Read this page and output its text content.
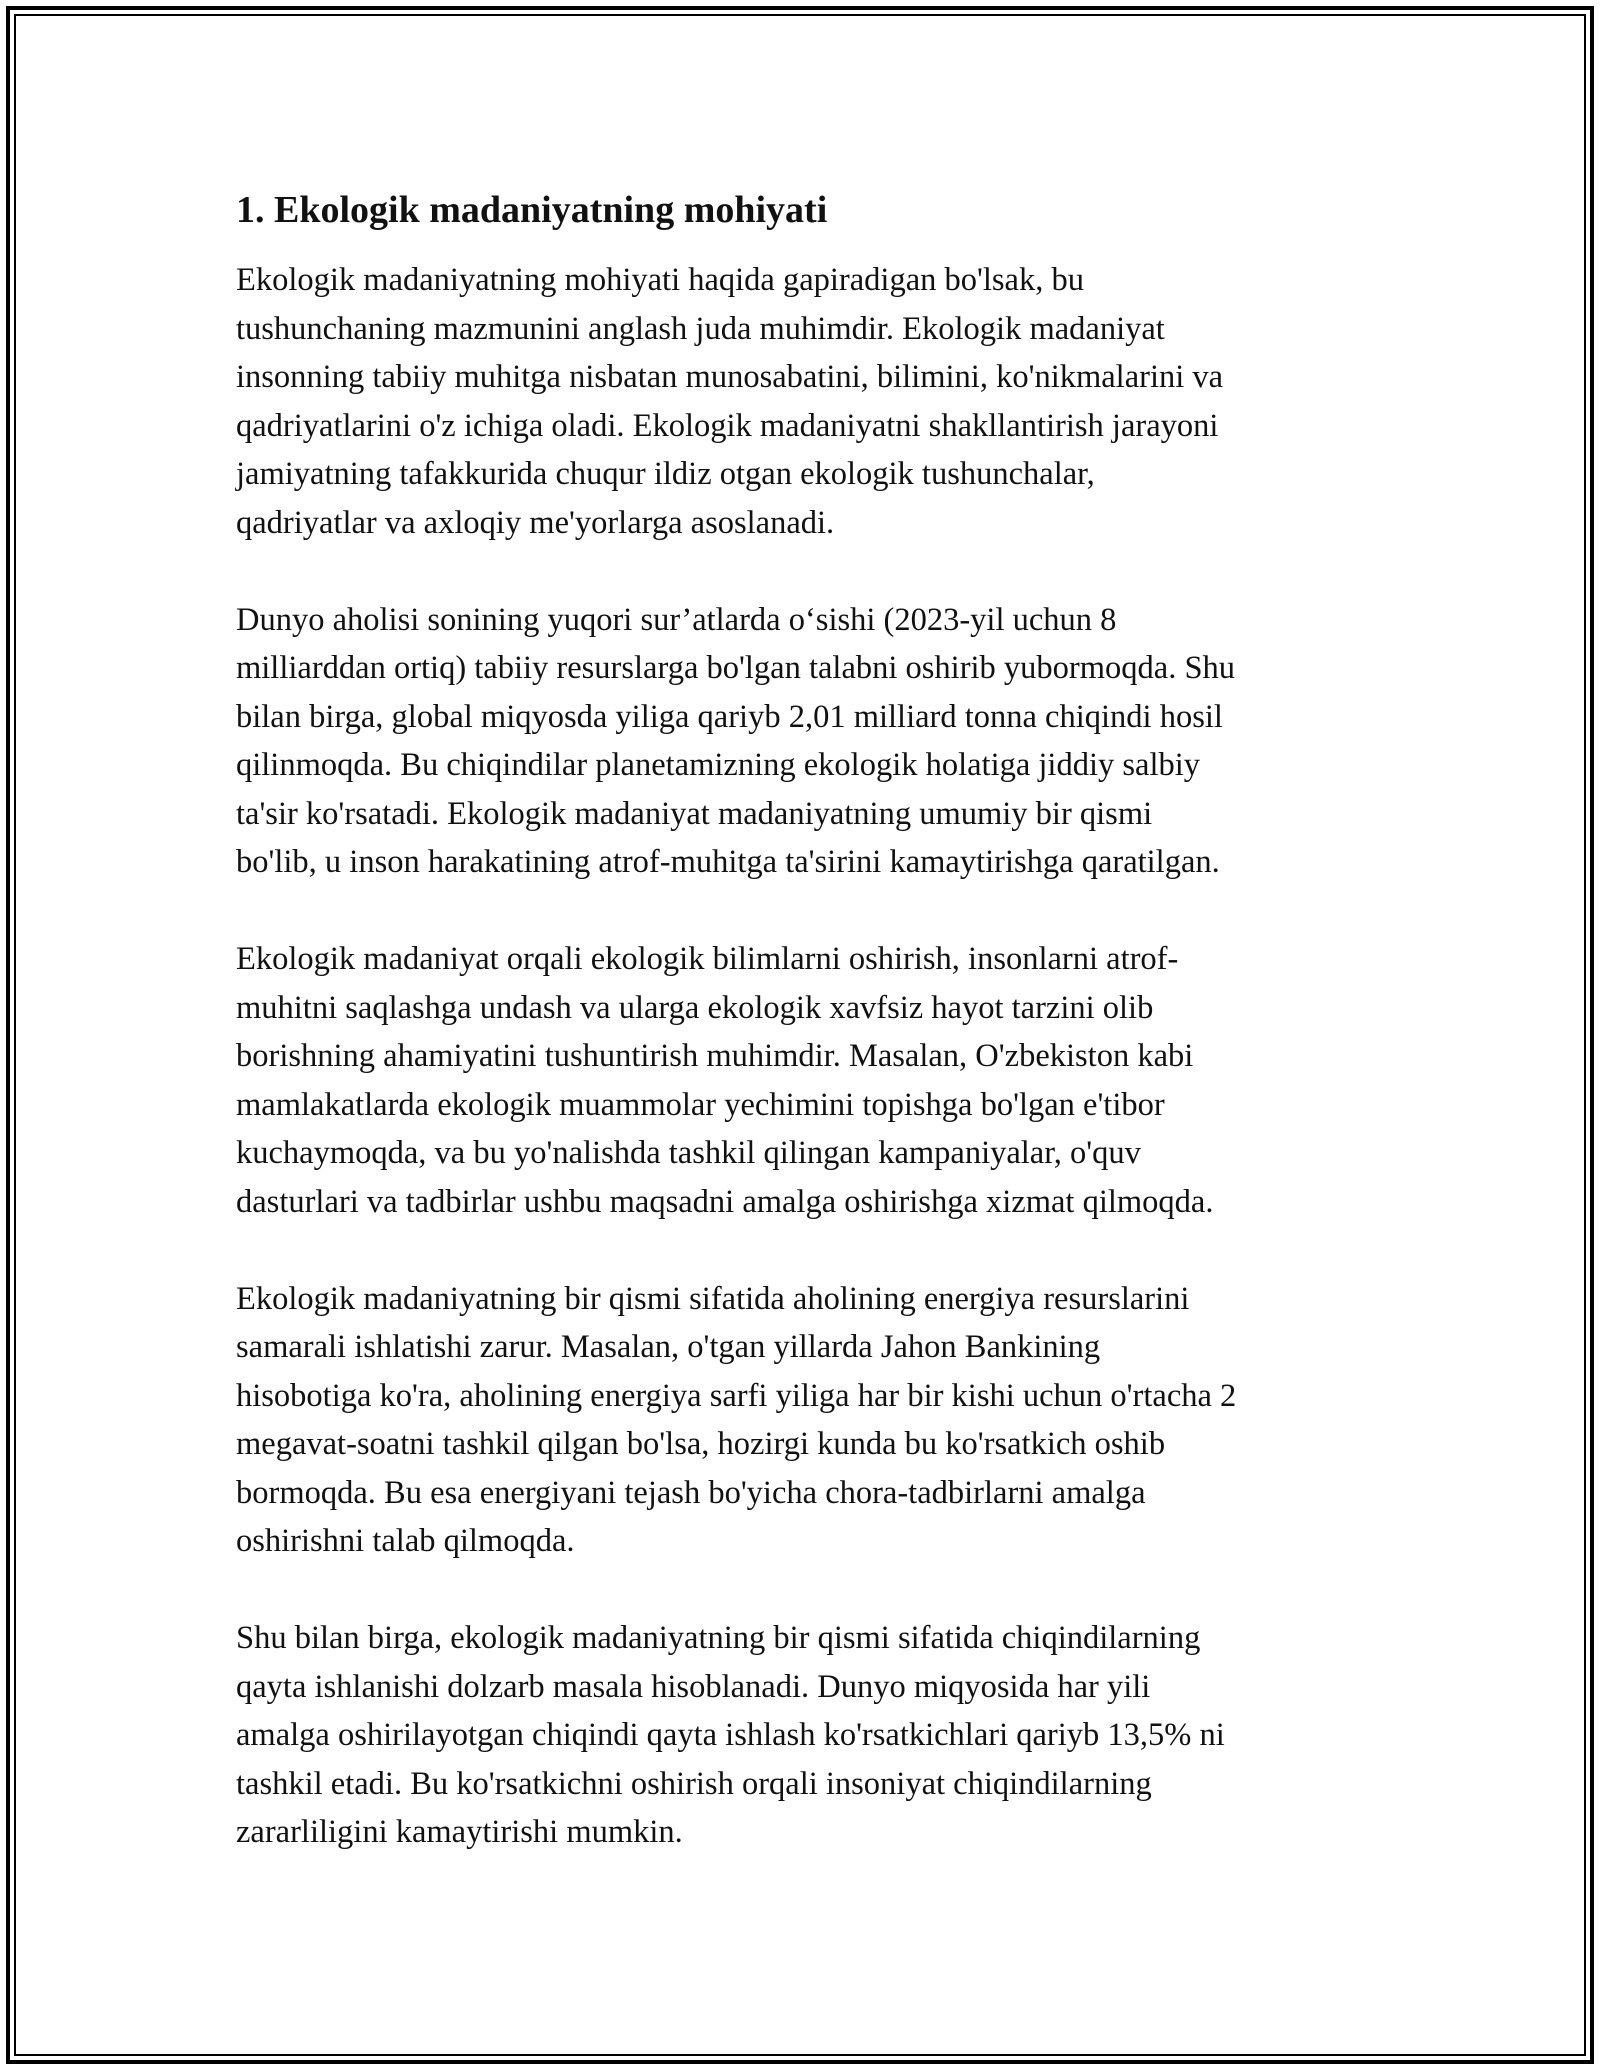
1. Ekologik madaniyatning mohiyati

Ekologik madaniyatning mohiyati haqida gapiradigan bo'lsak, bu
tushunchaning mazmunini anglash juda muhimdir. Ekologik madaniyat
insonning tabiiy muhitga nisbatan munosabatini, bilimini, ko'nikmalarini va
qadriyatlarini o'z ichiga oladi. Ekologik madaniyatni shakllantirish jarayoni
jamiyatning tafakkurida chuqur ildiz otgan ekologik tushunchalar,
qadriyatlar va axloqiy me'yorlarga asoslanadi.

Dunyo aholisi sonining yuqori sur’atlarda o‘sishi (2023-yil uchun 8
milliarddan ortiq) tabiiy resurslarga bo'lgan talabni oshirib yubormoqda. Shu
bilan birga, global miqyosda yiliga qariyb 2,01 milliard tonna chiqindi hosil
qilinmoqda. Bu chiqindilar planetamizning ekologik holatiga jiddiy salbiy
ta'sir ko'rsatadi. Ekologik madaniyat madaniyatning umumiy bir qismi
bo'lib, u inson harakatining atrof-muhitga ta'sirini kamaytirishga qaratilgan.

Ekologik madaniyat orqali ekologik bilimlarni oshirish, insonlarni atrof-
muhitni saqlashga undash va ularga ekologik xavfsiz hayot tarzini olib
borishning ahamiyatini tushuntirish muhimdir. Masalan, O'zbekiston kabi
mamlakatlarda ekologik muammolar yechimini topishga bo'lgan e'tibor
kuchaymoqda, va bu yo'nalishda tashkil qilingan kampaniyalar, o'quv
dasturlari va tadbirlar ushbu maqsadni amalga oshirishga xizmat qilmoqda.

Ekologik madaniyatning bir qismi sifatida aholining energiya resurslarini
samarali ishlatishi zarur. Masalan, o'tgan yillarda Jahon Bankining
hisobotiga ko'ra, aholining energiya sarfi yiliga har bir kishi uchun o'rtacha 2
megavat-soatni tashkil qilgan bo'lsa, hozirgi kunda bu ko'rsatkich oshib
bormoqda. Bu esa energiyani tejash bo'yicha chora-tadbirlarni amalga
oshirishni talab qilmoqda.

Shu bilan birga, ekologik madaniyatning bir qismi sifatida chiqindilarning
qayta ishlanishi dolzarb masala hisoblanadi. Dunyo miqyosida har yili
amalga oshirilayotgan chiqindi qayta ishlash ko'rsatkichlari qariyb 13,5% ni
tashkil etadi. Bu ko'rsatkichni oshirish orqali insoniyat chiqindilarning
zararliligini kamaytirishi mumkin.
